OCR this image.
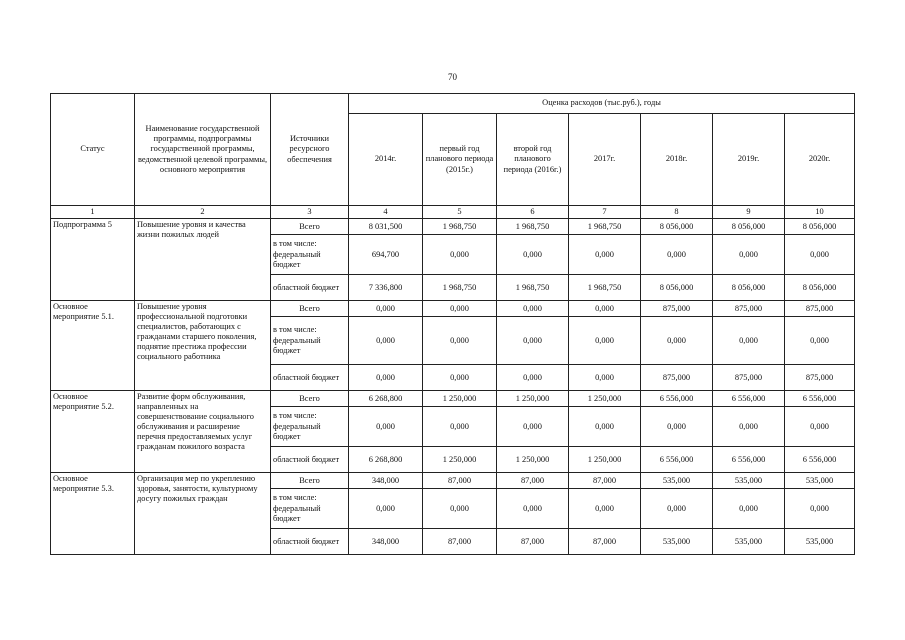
70
Статус	Наименование государственной программы, подпрограммы государственной программы, ведомственной целевой программы, основного мероприятия	Источники ресурсного обеспечения	Оценка расходов (тыс.руб.), годы						
			2014г.	первый год планового периода (2015г.)	второй год планового периода (2016г.)	2017г.	2018г.	2019г.	2020г.
1	2	3	4	5	6	7	8	9	10
Подпрограмма 5	Повышение уровня и качества жизни пожилых людей	Всего	8 031,500	1 968,750	1 968,750	1 968,750	8 056,000	8 056,000	8 056,000
		в том числе: федеральный бюджет	694,700	0,000	0,000	0,000	0,000	0,000	0,000
		областной бюджет	7 336,800	1 968,750	1 968,750	1 968,750	8 056,000	8 056,000	8 056,000
Основное мероприятие 5.1.	Повышение уровня профессиональной подготовки специалистов, работающих с гражданами старшего поколения, поднятие престижа профессии социального работника	Всего	0,000	0,000	0,000	0,000	875,000	875,000	875,000
		в том числе: федеральный бюджет	0,000	0,000	0,000	0,000	0,000	0,000	0,000
		областной бюджет	0,000	0,000	0,000	0,000	875,000	875,000	875,000
Основное мероприятие 5.2.	Развитие форм обслуживания, направленных на совершенствование социального обслуживания и расширение перечня предоставляемых услуг гражданам пожилого возраста	Всего	6 268,800	1 250,000	1 250,000	1 250,000	6 556,000	6 556,000	6 556,000
		в том числе: федеральный бюджет	0,000	0,000	0,000	0,000	0,000	0,000	0,000
		областной бюджет	6 268,800	1 250,000	1 250,000	1 250,000	6 556,000	6 556,000	6 556,000
Основное мероприятие 5.3.	Организация мер по укреплению здоровья, занятости, культурному досугу пожилых граждан	Всего	348,000	87,000	87,000	87,000	535,000	535,000	535,000
		в том числе: федеральный бюджет	0,000	0,000	0,000	0,000	0,000	0,000	0,000
		областной бюджет	348,000	87,000	87,000	87,000	535,000	535,000	535,000
